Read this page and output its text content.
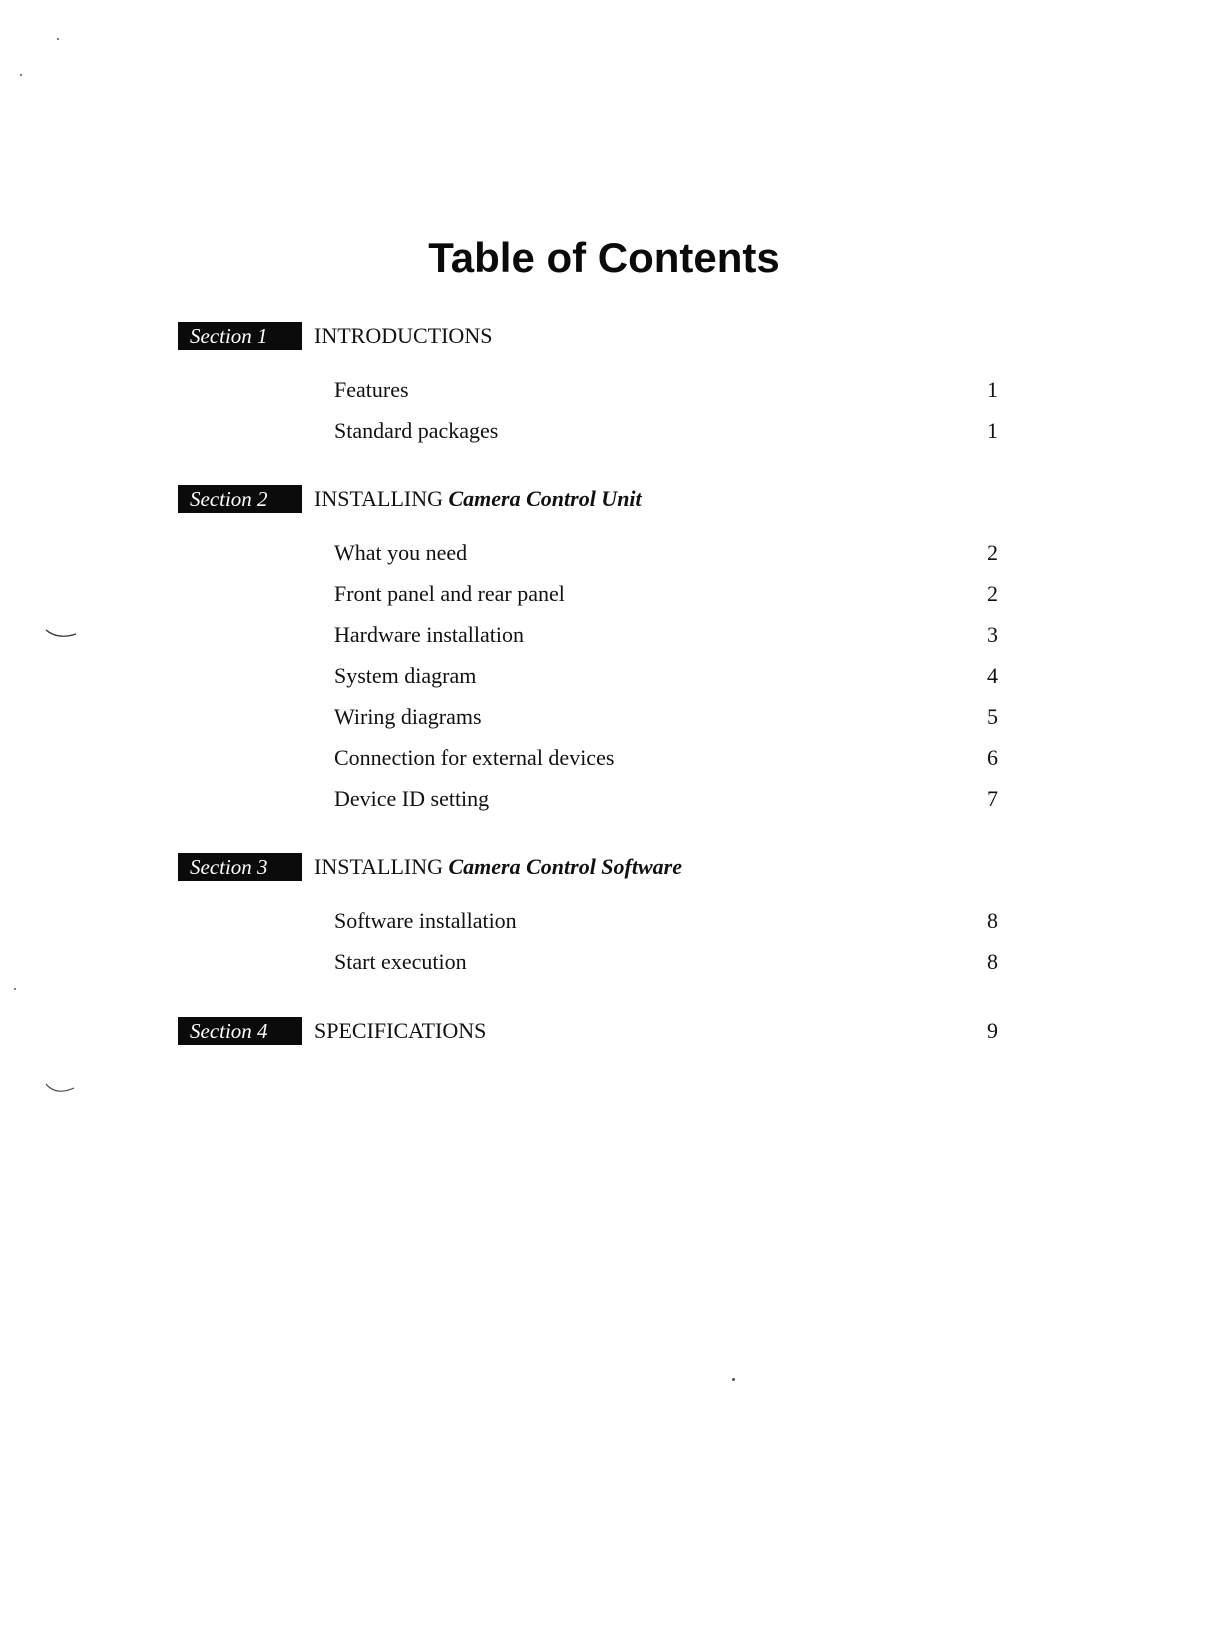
Table of Contents
Section 1	INTRODUCTIONS
Features	1
Standard packages	1
Section 2	INSTALLING Camera Control Unit
What you need	2
Front panel and rear panel	2
Hardware installation	3
System diagram	4
Wiring diagrams	5
Connection for external devices	6
Device ID setting	7
Section 3	INSTALLING Camera Control Software
Software installation	8
Start execution	8
Section 4	SPECIFICATIONS	9
